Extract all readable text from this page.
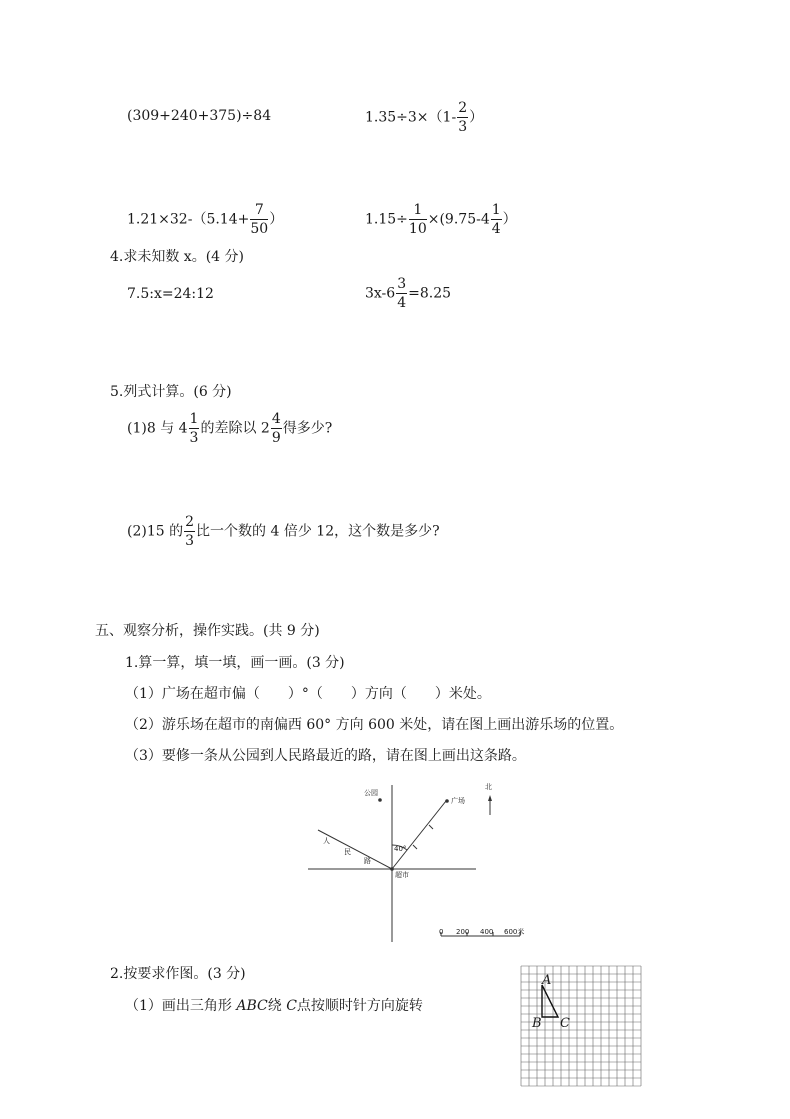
(309+240+375)÷84	$1.35\div 3\times(1- \frac{2}{3}$ ）
$1.21\times 32-(5.14+ \frac{7}{50}$ ）	$1.15\div \frac{1}{10} \times(9.75-4 \frac{1}{4}$ ）
4.求未知数 x。(4 分)
7.5:x=24:12	$3x-6 \frac{3}{4} =8.25$
5.列式计算。(6 分)
(1)8 与 $4 \frac{1}{3}$ 的差除以 $2 \frac{4}{9}$ 得多少?
(2)15 的 $\frac{2}{3}$ 比一个数的 4 倍少 12，这个数是多少?
五、观察分析，操作实践。(共 9 分)
1.算一算，填一填，画一画。(3 分)
（1）广场在超市偏（　　）°（　　）方向（　　）米处。
（2）游乐场在超市的南偏西 60° 方向 600 米处，请在图上画出游乐场的位置。
（3）要修一条从公园到人民路最近的路，请在图上画出这条路。
公园
广场
北
40°
超市
人
民
路
0 200 400 600米
2.按要求作图。(3 分)
（1）画出三角形 ABC绕 C点按顺时针方向旋转
A
B C
